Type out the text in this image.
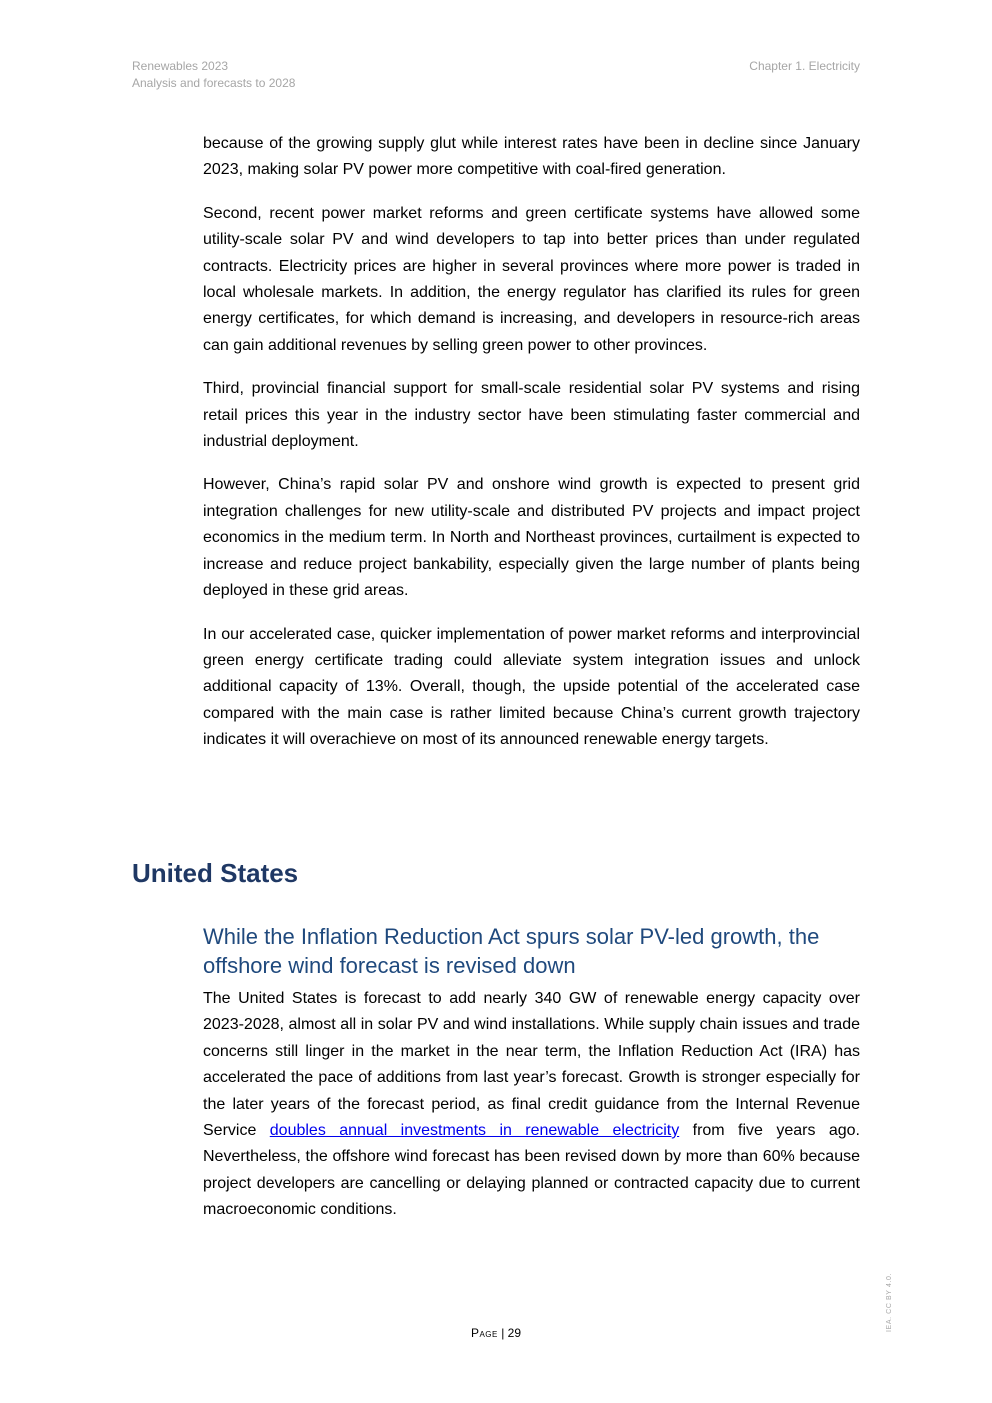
Renewables 2023
Analysis and forecasts to 2028
Chapter 1. Electricity

because of the growing supply glut while interest rates have been in decline since January 2023, making solar PV power more competitive with coal-fired generation.

Second, recent power market reforms and green certificate systems have allowed some utility-scale solar PV and wind developers to tap into better prices than under regulated contracts. Electricity prices are higher in several provinces where more power is traded in local wholesale markets. In addition, the energy regulator has clarified its rules for green energy certificates, for which demand is increasing, and developers in resource-rich areas can gain additional revenues by selling green power to other provinces.

Third, provincial financial support for small-scale residential solar PV systems and rising retail prices this year in the industry sector have been stimulating faster commercial and industrial deployment.

However, China’s rapid solar PV and onshore wind growth is expected to present grid integration challenges for new utility-scale and distributed PV projects and impact project economics in the medium term. In North and Northeast provinces, curtailment is expected to increase and reduce project bankability, especially given the large number of plants being deployed in these grid areas.

In our accelerated case, quicker implementation of power market reforms and interprovincial green energy certificate trading could alleviate system integration issues and unlock additional capacity of 13%. Overall, though, the upside potential of the accelerated case compared with the main case is rather limited because China’s current growth trajectory indicates it will overachieve on most of its announced renewable energy targets.

United States
While the Inflation Reduction Act spurs solar PV-led growth, the offshore wind forecast is revised down

The United States is forecast to add nearly 340 GW of renewable energy capacity over 2023-2028, almost all in solar PV and wind installations. While supply chain issues and trade concerns still linger in the market in the near term, the Inflation Reduction Act (IRA) has accelerated the pace of additions from last year’s forecast. Growth is stronger especially for the later years of the forecast period, as final credit guidance from the Internal Revenue Service doubles annual investments in renewable electricity from five years ago. Nevertheless, the offshore wind forecast has been revised down by more than 60% because project developers are cancelling or delaying planned or contracted capacity due to current macroeconomic conditions.

Page | 29
IEA. CC BY 4.0.
